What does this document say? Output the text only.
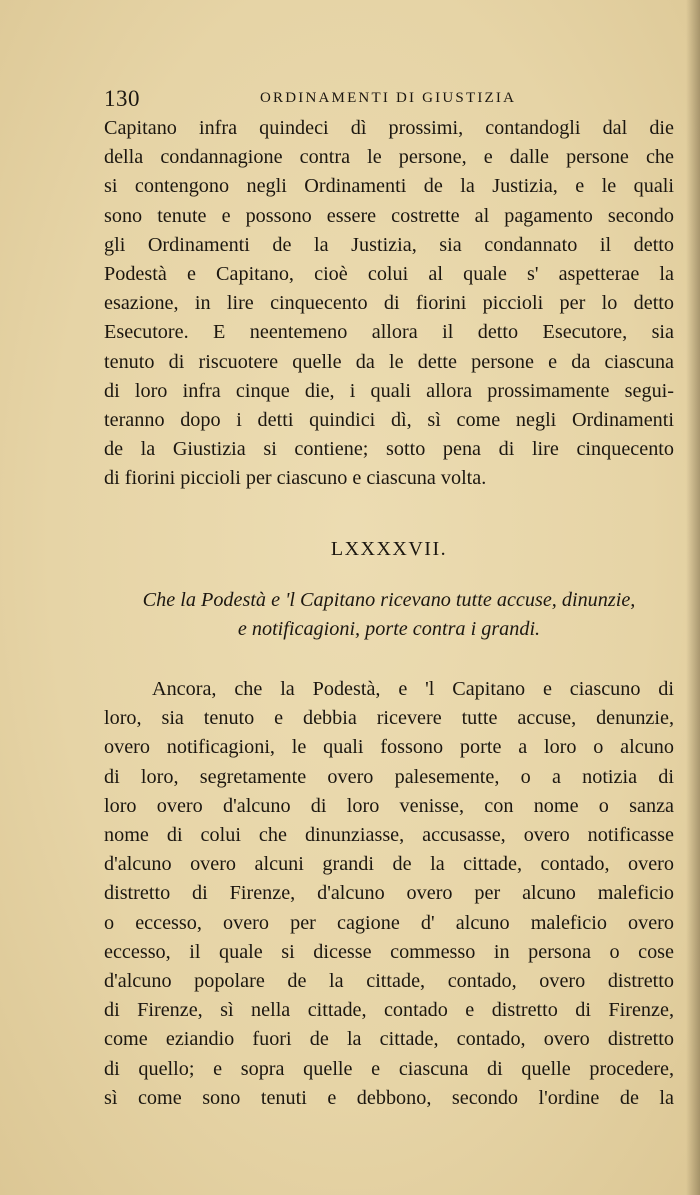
130	ORDINAMENTI DI GIUSTIZIA
Capitano infra quindeci dì prossimi, contandogli dal die
della condannagione contra le persone, e dalle persone che
si contengono negli Ordinamenti de la Justizia, e le quali
sono tenute e possono essere costrette al pagamento secondo
gli Ordinamenti de la Justizia, sia condannato il detto
Podestà e Capitano, cioè colui al quale s' aspetterae la
esazione, in lire cinquecento di fiorini piccioli per lo detto
Esecutore. E neentemeno allora il detto Esecutore, sia
tenuto di riscuotere quelle da le dette persone e da ciascuna
di loro infra cinque die, i quali allora prossimamente segui-
teranno dopo i detti quindici dì, sì come negli Ordinamenti
de la Giustizia si contiene; sotto pena di lire cinquecento
di fiorini piccioli per ciascuno e ciascuna volta.
LXXXXVII.
Che la Podestà e 'l Capitano ricevano tutte accuse, dinunzie,
e notificagioni, porte contra i grandi.
Ancora, che la Podestà, e 'l Capitano e ciascuno di
loro, sia tenuto e debbia ricevere tutte accuse, denunzie,
overo notificagioni, le quali fossono porte a loro o alcuno
di loro, segretamente overo palesemente, o a notizia di
loro overo d'alcuno di loro venisse, con nome o sanza
nome di colui che dinunziasse, accusasse, overo notificasse
d'alcuno overo alcuni grandi de la cittade, contado, overo
distretto di Firenze, d'alcuno overo per alcuno maleficio
o eccesso, overo per cagione d' alcuno maleficio overo
eccesso, il quale si dicesse commesso in persona o cose
d'alcuno popolare de la cittade, contado, overo distretto
di Firenze, sì nella cittade, contado e distretto di Firenze,
come eziandio fuori de la cittade, contado, overo distretto
di quello; e sopra quelle e ciascuna di quelle procedere,
sì come sono tenuti e debbono, secondo l'ordine de la
